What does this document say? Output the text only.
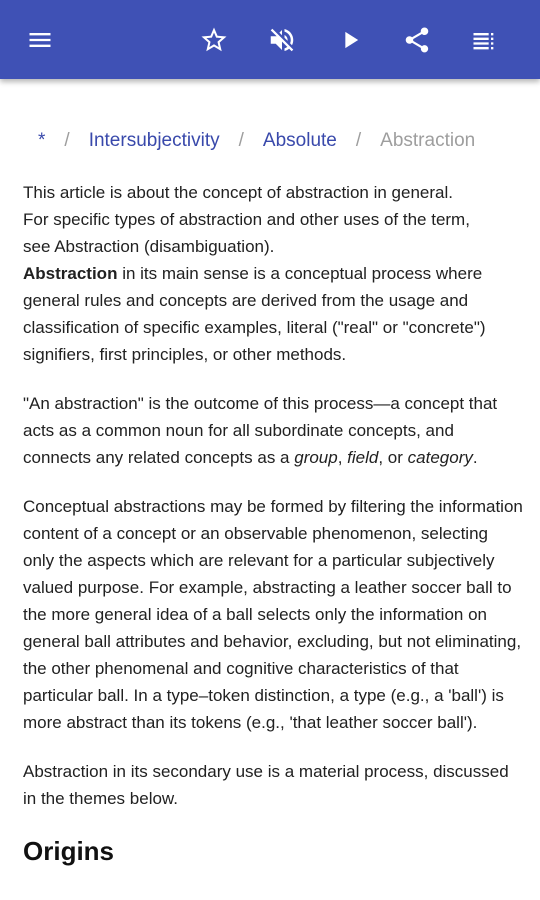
* / Intersubjectivity / Absolute / Abstraction

This article is about the concept of abstraction in general.
For specific types of abstraction and other uses of the term,
see Abstraction (disambiguation).

Abstraction in its main sense is a conceptual process where general rules and concepts are derived from the usage and classification of specific examples, literal ("real" or "concrete") signifiers, first principles, or other methods.

"An abstraction" is the outcome of this process—a concept that acts as a common noun for all subordinate concepts, and connects any related concepts as a group, field, or category.

Conceptual abstractions may be formed by filtering the information content of a concept or an observable phenomenon, selecting only the aspects which are relevant for a particular subjectively valued purpose. For example, abstracting a leather soccer ball to the more general idea of a ball selects only the information on general ball attributes and behavior, excluding, but not eliminating, the other phenomenal and cognitive characteristics of that particular ball. In a type–token distinction, a type (e.g., a 'ball') is more abstract than its tokens (e.g., 'that leather soccer ball').

Abstraction in its secondary use is a material process, discussed in the themes below.

Origins
